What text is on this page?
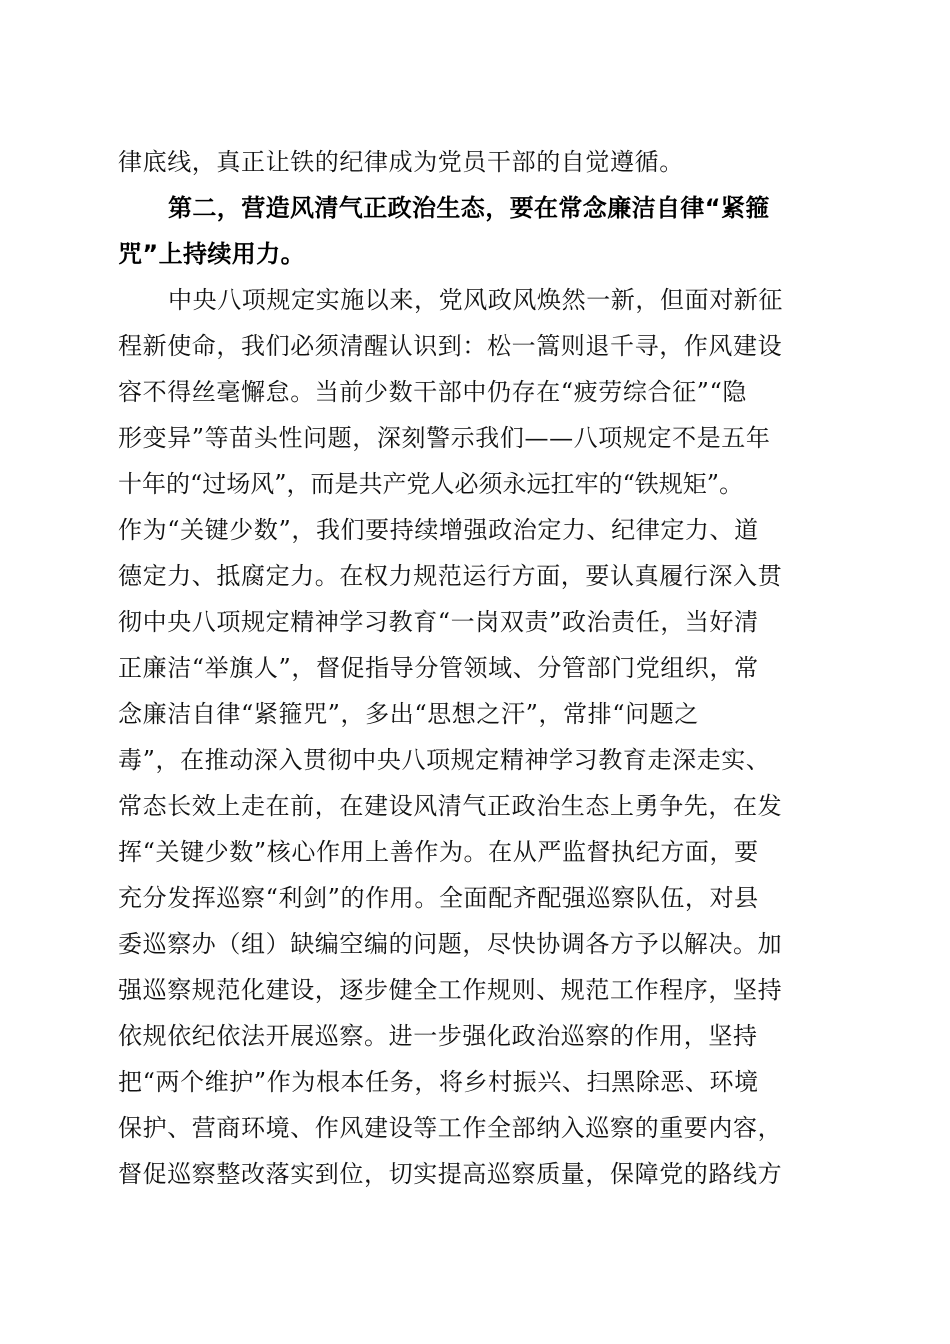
律底线，真正让铁的纪律成为党员干部的自觉遵循。
第二，营造风清气正政治生态，要在常念廉洁自律“紧箍
咒”上持续用力。
中央八项规定实施以来，党风政风焕然一新，但面对新征
程新使命，我们必须清醒认识到：松一篙则退千寻，作风建设
容不得丝毫懈怠。当前少数干部中仍存在“疲劳综合征”“隐
形变异”等苗头性问题，深刻警示我们——八项规定不是五年
十年的“过场风”，而是共产党人必须永远扛牢的“铁规矩”。
作为“关键少数”，我们要持续增强政治定力、纪律定力、道
德定力、抵腐定力。在权力规范运行方面，要认真履行深入贯
彻中央八项规定精神学习教育“一岗双责”政治责任，当好清
正廉洁“举旗人”，督促指导分管领域、分管部门党组织，常
念廉洁自律“紧箍咒”，多出“思想之汗”，常排“问题之
毒”，在推动深入贯彻中央八项规定精神学习教育走深走实、
常态长效上走在前，在建设风清气正政治生态上勇争先，在发
挥“关键少数”核心作用上善作为。在从严监督执纪方面，要
充分发挥巡察“利剑”的作用。全面配齐配强巡察队伍，对县
委巡察办（组）缺编空编的问题，尽快协调各方予以解决。加
强巡察规范化建设，逐步健全工作规则、规范工作程序，坚持
依规依纪依法开展巡察。进一步强化政治巡察的作用，坚持
把“两个维护”作为根本任务，将乡村振兴、扫黑除恶、环境
保护、营商环境、作风建设等工作全部纳入巡察的重要内容，
督促巡察整改落实到位，切实提高巡察质量，保障党的路线方
